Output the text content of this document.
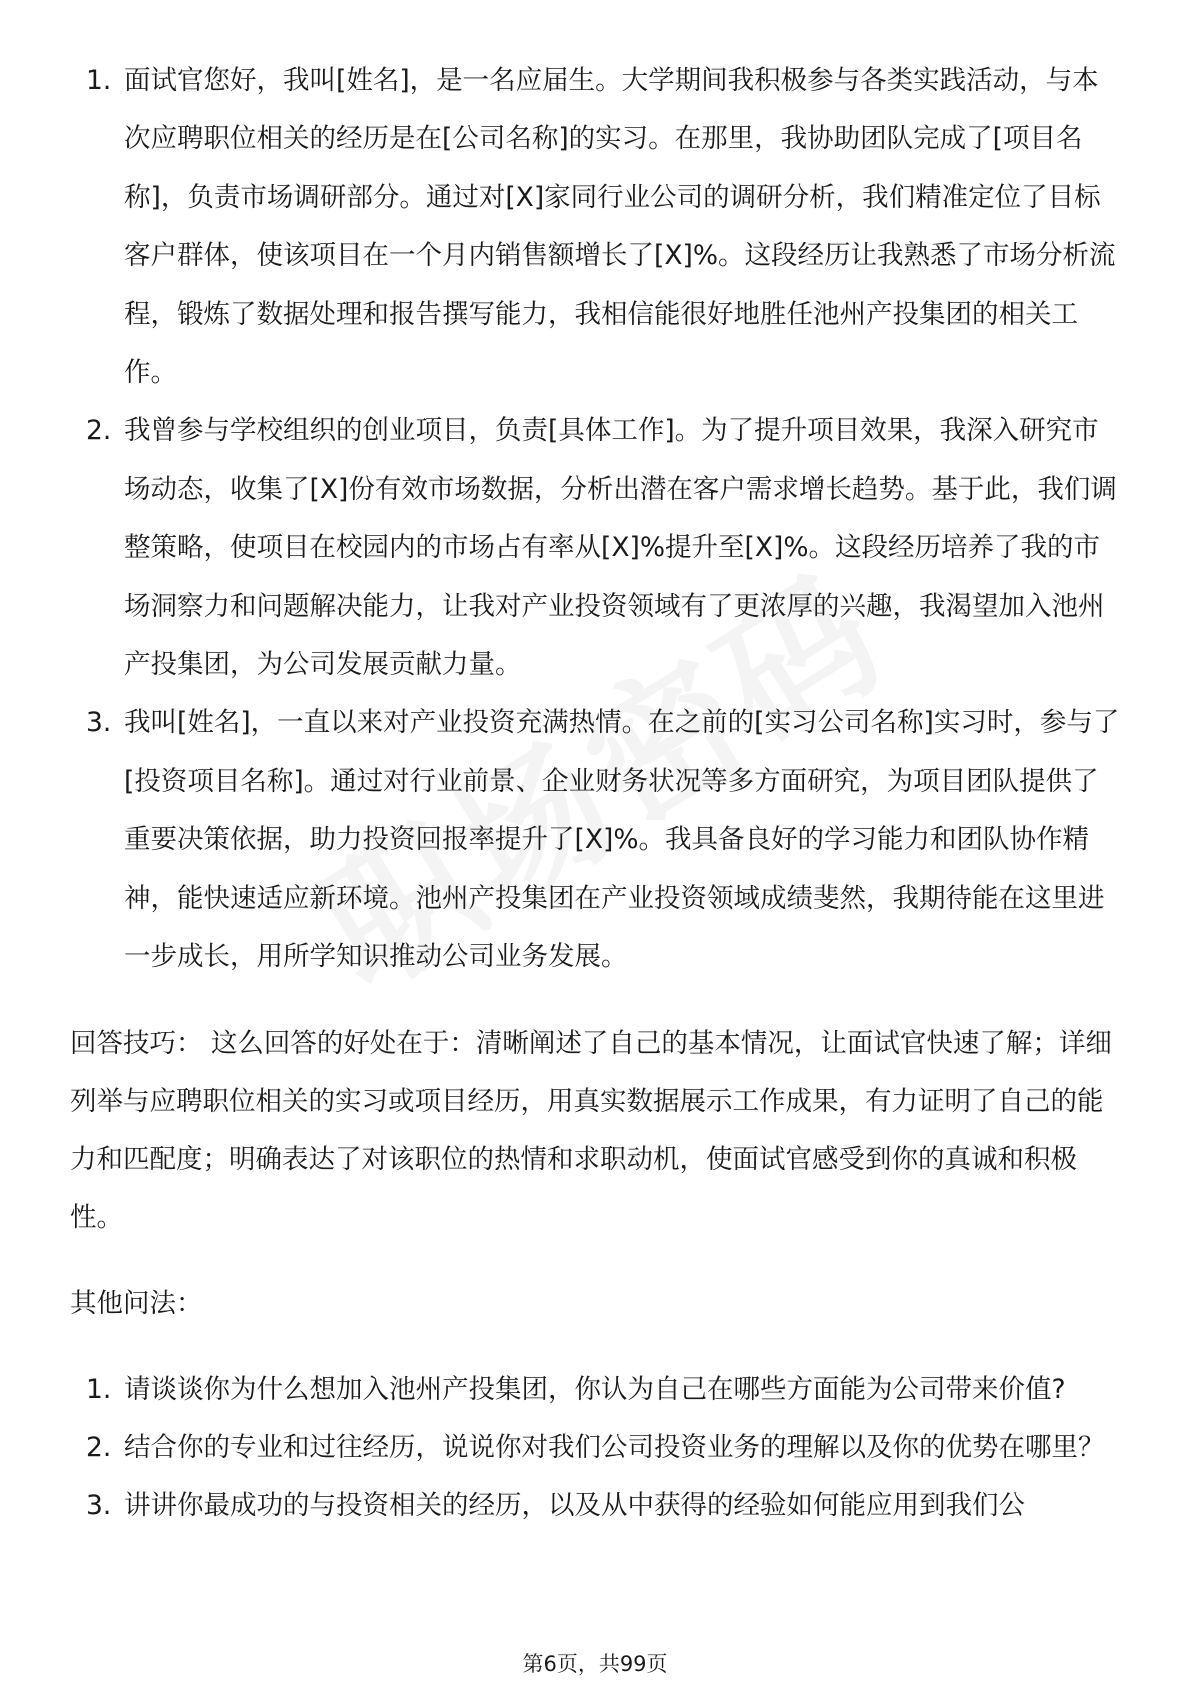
1. 面试官您好，我叫[姓名]，是一名应届生。大学期间我积极参与各类实践活动，与本次应聘职位相关的经历是在[公司名称]的实习。在那里，我协助团队完成了[项目名称]，负责市场调研部分。通过对[X]家同行业公司的调研分析，我们精准定位了目标客户群体，使该项目在一个月内销售额增长了[X]%。这段经历让我熟悉了市场分析流程，锻炼了数据处理和报告撰写能力，我相信能很好地胜任池州产投集团的相关工作。
2. 我曾参与学校组织的创业项目，负责[具体工作]。为了提升项目效果，我深入研究市场动态，收集了[X]份有效市场数据，分析出潜在客户需求增长趋势。基于此，我们调整策略，使项目在校园内的市场占有率从[X]%提升至[X]%。这段经历培养了我的市场洞察力和问题解决能力，让我对产业投资领域有了更浓厚的兴趣，我渴望加入池州产投集团，为公司发展贡献力量。
3. 我叫[姓名]，一直以来对产业投资充满热情。在之前的[实习公司名称]实习时，参与了[投资项目名称]。通过对行业前景、企业财务状况等多方面研究，为项目团队提供了重要决策依据，助力投资回报率提升了[X]%。我具备良好的学习能力和团队协作精神，能快速适应新环境。池州产投集团在产业投资领域成绩斐然，我期待能在这里进一步成长，用所学知识推动公司业务发展。

回答技巧： 这么回答的好处在于：清晰阐述了自己的基本情况，让面试官快速了解；详细列举与应聘职位相关的实习或项目经历，用真实数据展示工作成果，有力证明了自己的能力和匹配度；明确表达了对该职位的热情和求职动机，使面试官感受到你的真诚和积极性。

其他问法：

1. 请谈谈你为什么想加入池州产投集团，你认为自己在哪些方面能为公司带来价值?
2. 结合你的专业和过往经历，说说你对我们公司投资业务的理解以及你的优势在哪里？
3. 讲讲你最成功的与投资相关的经历，以及从中获得的经验如何能应用到我们公
第6页，共99页
